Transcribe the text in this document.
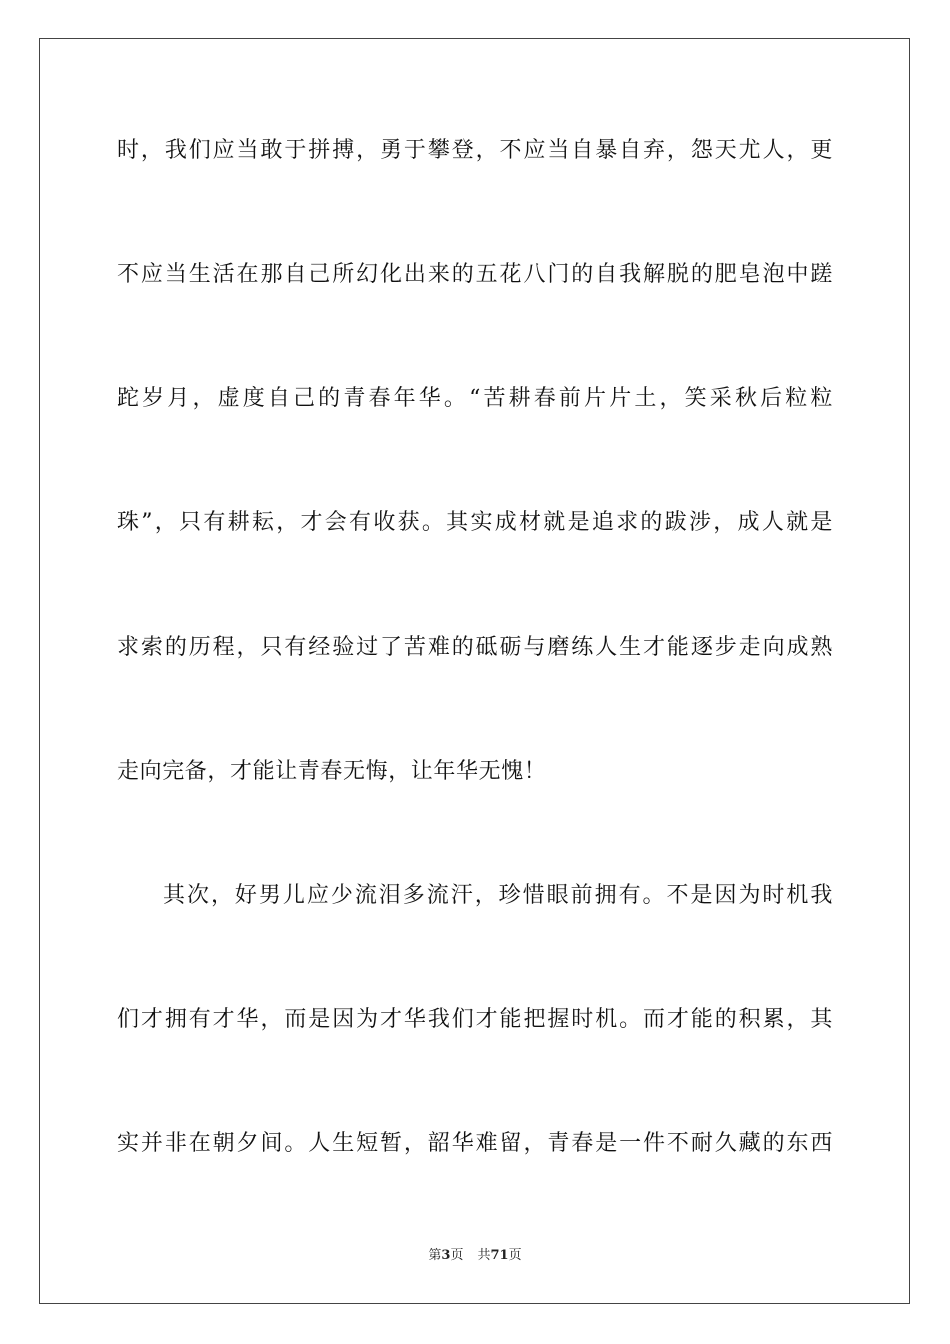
时，我们应当敢于拼搏，勇于攀登，不应当自暴自弃，怨天尤人，更
不应当生活在那自己所幻化出来的五花八门的自我解脱的肥皂泡中蹉
跎岁月，虚度自己的青春年华。“苦耕春前片片土，笑采秋后粒粒
珠”，只有耕耘，才会有收获。其实成材就是追求的跋涉，成人就是
求索的历程，只有经验过了苦难的砥砺与磨练人生才能逐步走向成熟
走向完备，才能让青春无悔，让年华无愧！
其次，好男儿应少流泪多流汗，珍惜眼前拥有。不是因为时机我
们才拥有才华，而是因为才华我们才能把握时机。而才能的积累，其
实并非在朝夕间。人生短暂，韶华难留，青春是一件不耐久藏的东西
第3页 共71页
